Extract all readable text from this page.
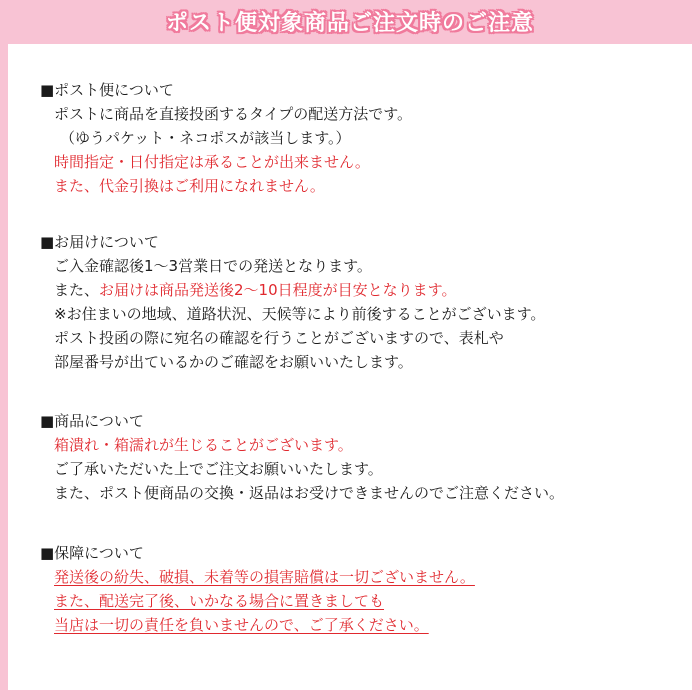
ポスト便対象商品ご注文時のご注意
■ポスト便について
ポストに商品を直接投函するタイプの配送方法です。
（ゆうパケット・ネコポスが該当します。）
時間指定・日付指定は承ることが出来ません。
また、代金引換はご利用になれません。
■お届けについて
ご入金確認後1～3営業日での発送となります。
また、お届けは商品発送後2～10日程度が目安となります。
※お住まいの地域、道路状況、天候等により前後することがございます。
ポスト投函の際に宛名の確認を行うことがございますので、表札や
部屋番号が出ているかのご確認をお願いいたします。
■商品について
箱潰れ・箱濡れが生じることがございます。
ご了承いただいた上でご注文お願いいたします。
また、ポスト便商品の交換・返品はお受けできませんのでご注意ください。
■保障について
発送後の紛失、破損、未着等の損害賠償は一切ございません。
また、配送完了後、いかなる場合に置きましても
当店は一切の責任を負いませんので、ご了承ください。
